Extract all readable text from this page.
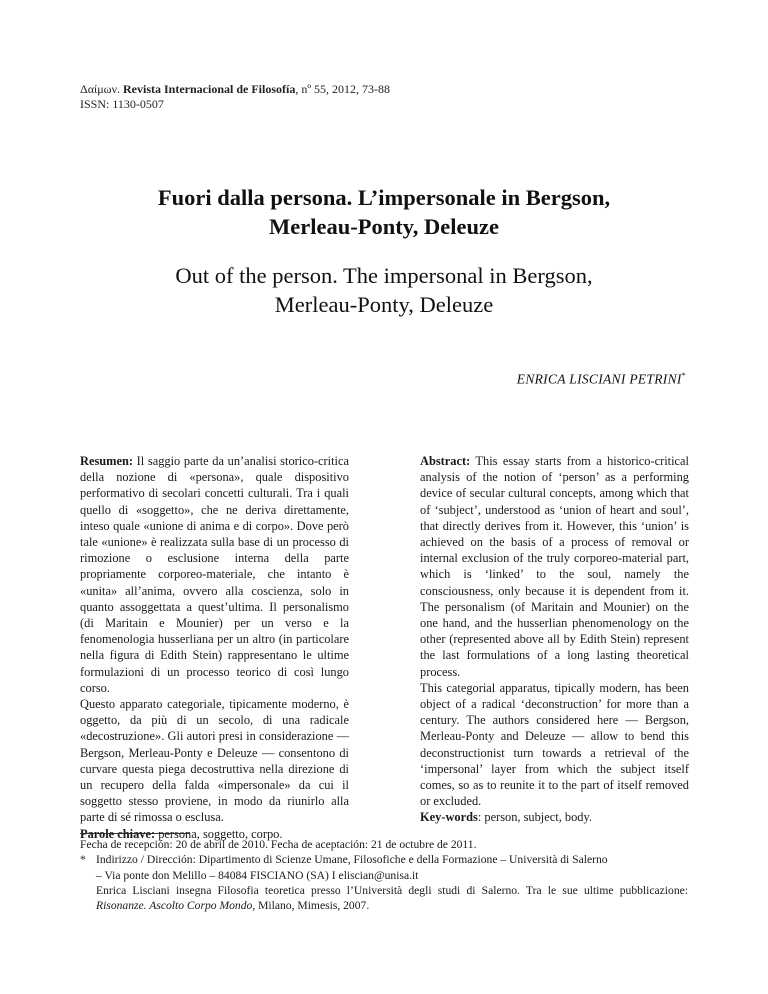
Δαίμων. Revista Internacional de Filosofía, nº 55, 2012, 73-88
ISSN: 1130-0507
Fuori dalla persona. L’impersonale in Bergson,
Merleau-Ponty, Deleuze
Out of the person. The impersonal in Bergson,
Merleau-Ponty, Deleuze
ENRICA LISCIANI PETRINI*

Resumen: Il saggio parte da un’analisi storico-critica della nozione di «persona», quale dispositivo performativo di secolari concetti culturali. Tra i quali quello di «soggetto», che ne deriva direttamente, inteso quale «unione di anima e di corpo». Dove però tale «unione» è realizzata sulla base di un processo di rimozione o esclusione interna della parte propriamente corporeo-materiale, che intanto è «unita» all’anima, ovvero alla coscienza, solo in quanto assoggettata a quest’ultima. Il personalismo (di Maritain e Mounier) per un verso e la fenomenologia husserliana per un altro (in particolare nella figura di Edith Stein) rappresentano le ultime formulazioni di un processo teorico di così lungo corso.

Questo apparato categoriale, tipicamente moderno, è oggetto, da più di un secolo, di una radicale «decostruzione». Gli autori presi in considerazione — Bergson, Merleau-Ponty e Deleuze — consentono di curvare questa piega decostruttiva nella direzione di un recupero della falda «impersonale» da cui il soggetto stesso proviene, in modo da riunirlo alla parte di sé rimossa o esclusa.

Parole chiave: persona, soggetto, corpo.

Abstract: This essay starts from a historico-critical analysis of the notion of ‘person’ as a performing device of secular cultural concepts, among which that of ‘subject’, understood as ‘union of heart and soul’, that directly derives from it. However, this ‘union’ is achieved on the basis of a process of removal or internal exclusion of the truly corporeo-material part, which is ‘linked’ to the soul, namely the consciousness, only because it is dependent from it. The personalism (of Maritain and Mounier) on the one hand, and the husserlian phenomenology on the other (represented above all by Edith Stein) represent the last formulations of a long lasting theoretical process.

This categorial apparatus, tipically modern, has been object of a radical ‘deconstruction’ for more than a century. The authors considered here — Bergson, Merleau-Ponty and Deleuze — allow to bend this deconstructionist turn towards a retrieval of the ‘impersonal’ layer from which the subject itself comes, so as to reunite it to the part of itself removed or excluded.

Key-words: person, subject, body.

Fecha de recepción: 20 de abril de 2010. Fecha de aceptación: 21 de octubre de 2011.

* Indirizzo / Dirección: Dipartimento di Scienze Umane, Filosofiche e della Formazione – Università di Salerno
– Via ponte don Melillo – 84084 FISCIANO (SA) I eliscian@unisa.it
Enrica Lisciani insegna Filosofia teoretica presso l’Università degli studi di Salerno. Tra le sue ultime pubblicazione: Risonanze. Ascolto Corpo Mondo, Milano, Mimesis, 2007.
